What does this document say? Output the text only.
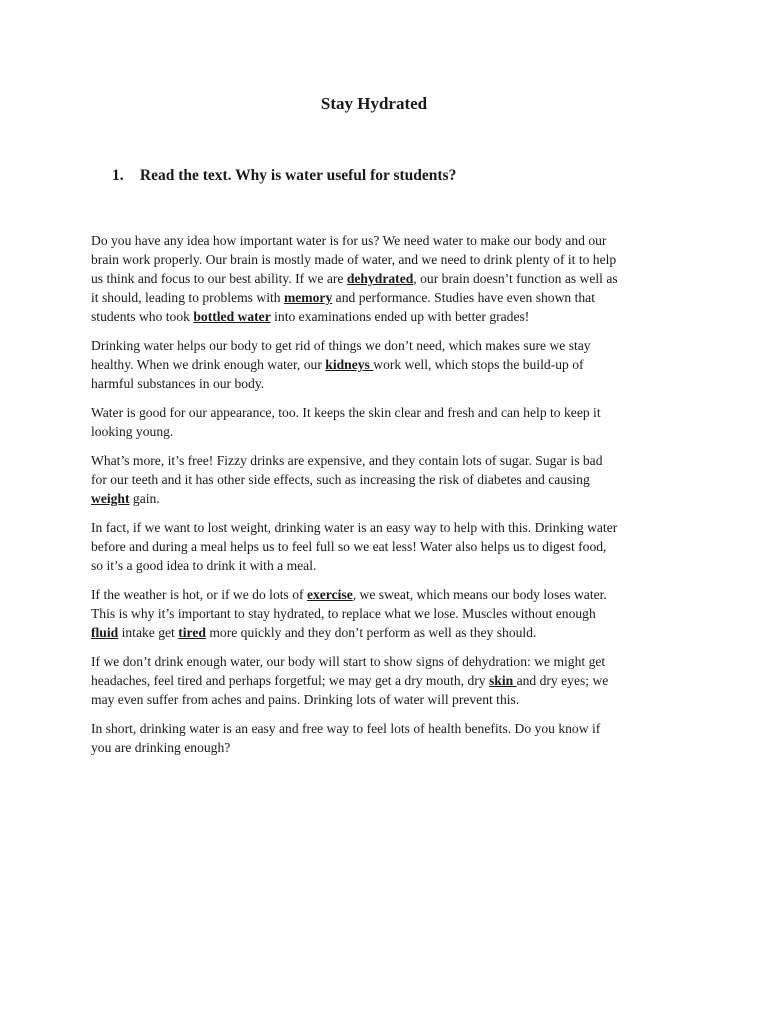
Stay Hydrated
1. Read the text. Why is water useful for students?

Do you have any idea how important water is for us? We need water to make our body and our
brain work properly. Our brain is mostly made of water, and we need to drink plenty of it to help
us think and focus to our best ability. If we are dehydrated, our brain doesn’t function as well as
it should, leading to problems with memory and performance. Studies have even shown that
students who took bottled water into examinations ended up with better grades!

Drinking water helps our body to get rid of things we don’t need, which makes sure we stay
healthy. When we drink enough water, our kidneys work well, which stops the build-up of
harmful substances in our body.

Water is good for our appearance, too. It keeps the skin clear and fresh and can help to keep it
looking young.

What’s more, it’s free! Fizzy drinks are expensive, and they contain lots of sugar. Sugar is bad
for our teeth and it has other side effects, such as increasing the risk of diabetes and causing
weight gain.

In fact, if we want to lost weight, drinking water is an easy way to help with this. Drinking water
before and during a meal helps us to feel full so we eat less! Water also helps us to digest food,
so it’s a good idea to drink it with a meal.

If the weather is hot, or if we do lots of exercise, we sweat, which means our body loses water.
This is why it’s important to stay hydrated, to replace what we lose. Muscles without enough
fluid intake get tired more quickly and they don’t perform as well as they should.

If we don’t drink enough water, our body will start to show signs of dehydration: we might get
headaches, feel tired and perhaps forgetful; we may get a dry mouth, dry skin and dry eyes; we
may even suffer from aches and pains. Drinking lots of water will prevent this.

In short, drinking water is an easy and free way to feel lots of health benefits. Do you know if
you are drinking enough?
